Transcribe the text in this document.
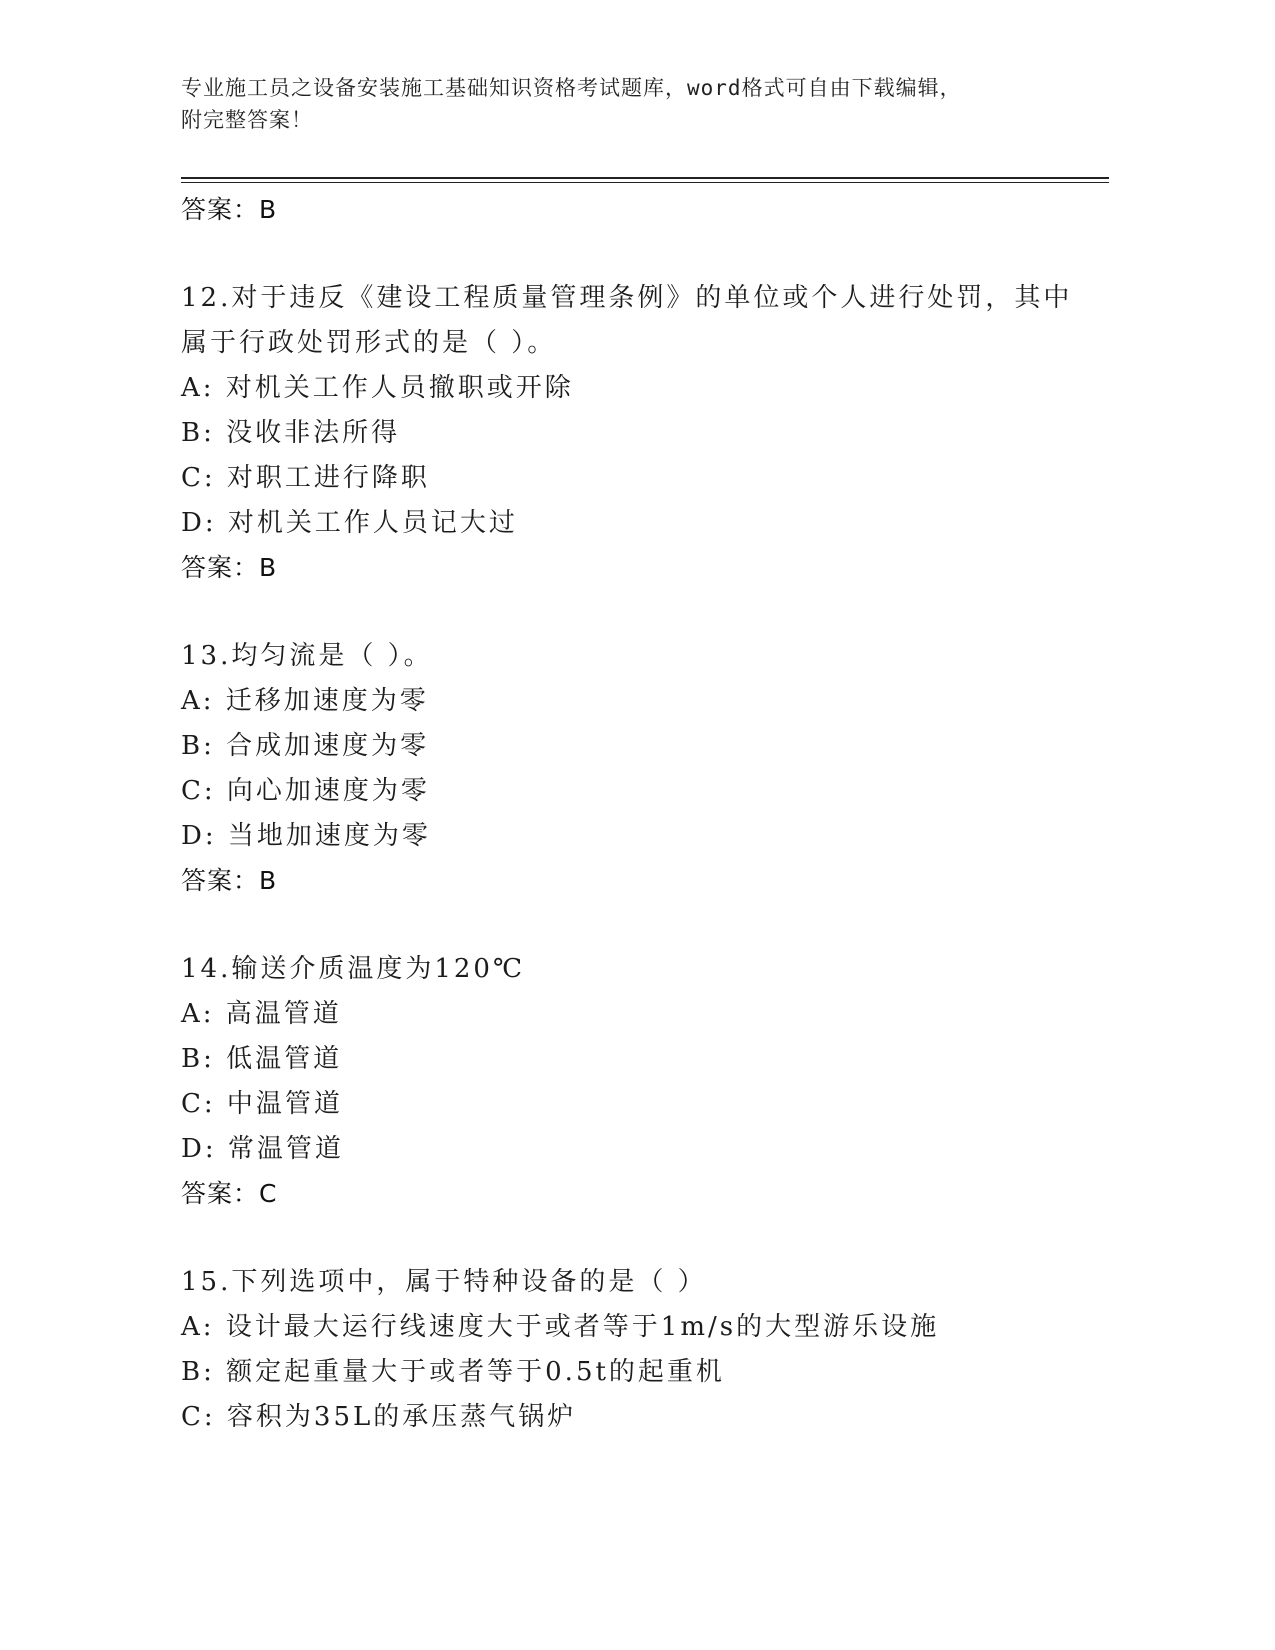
专业施工员之设备安装施工基础知识资格考试题库，word格式可自由下载编辑，
附完整答案！
答案：B
12.对于违反《建设工程质量管理条例》的单位或个人进行处罚，其中
属于行政处罚形式的是（ ）。
A: 对机关工作人员撤职或开除
B: 没收非法所得
C: 对职工进行降职
D: 对机关工作人员记大过
答案：B
13.均匀流是（ ）。
A: 迁移加速度为零
B: 合成加速度为零
C: 向心加速度为零
D: 当地加速度为零
答案：B
14.输送介质温度为120℃
A: 高温管道
B: 低温管道
C: 中温管道
D: 常温管道
答案：C
15.下列选项中，属于特种设备的是（ ）
A: 设计最大运行线速度大于或者等于1m/s的大型游乐设施
B: 额定起重量大于或者等于0.5t的起重机
C: 容积为35L的承压蒸气锅炉
